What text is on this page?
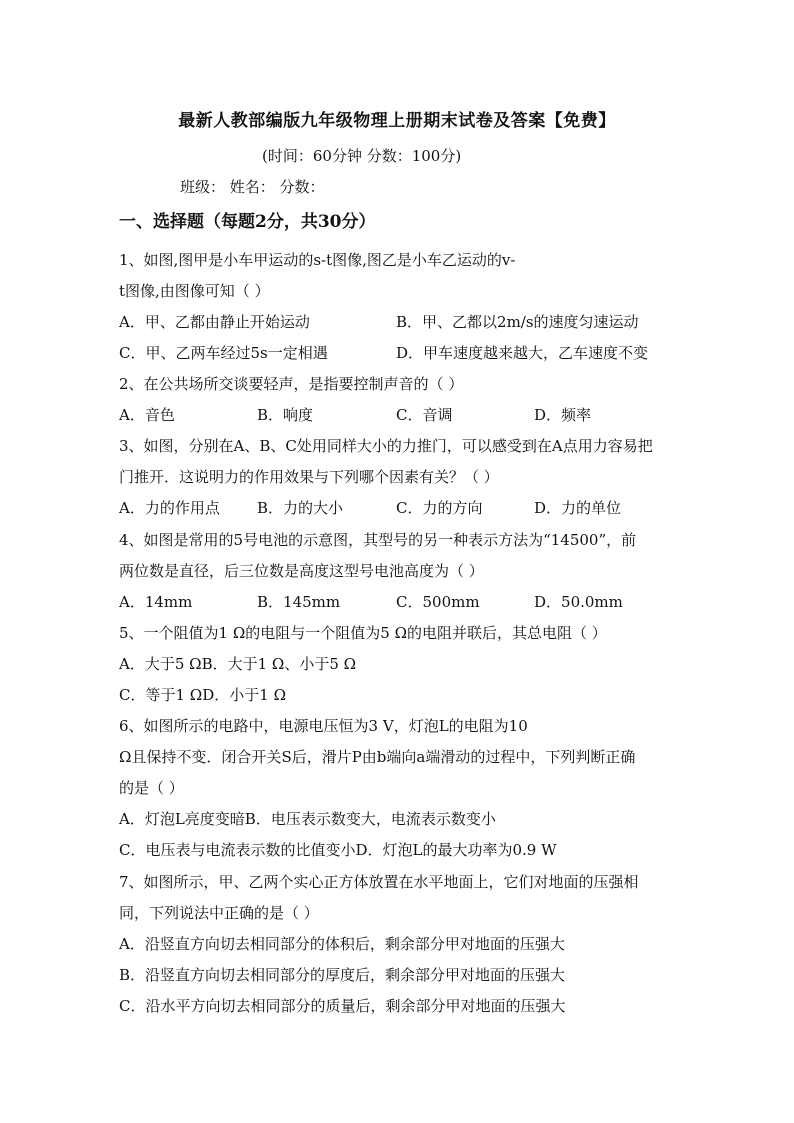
最新人教部编版九年级物理上册期末试卷及答案【免费】
(时间：60分钟 分数：100分)
班级： 姓名： 分数：
一、选择题（每题2分，共30分）
1、如图,图甲是小车甲运动的s-t图像,图乙是小车乙运动的v-
t图像,由图像可知（ ）
A．甲、乙都由静止开始运动	B．甲、乙都以2m/s的速度匀速运动
C．甲、乙两车经过5s一定相遇	D．甲车速度越来越大，乙车速度不变
2、在公共场所交谈要轻声，是指要控制声音的（ ）
A．音色	B．响度	C．音调	D．频率
3、如图，分别在A、B、C处用同样大小的力推门，可以感受到在A点用力容易把
门推开．这说明力的作用效果与下列哪个因素有关？（ ）
A．力的作用点 B．力的大小	C．力的方向	D．力的单位
4、如图是常用的5号电池的示意图，其型号的另一种表示方法为“14500”，前
两位数是直径，后三位数是高度这型号电池高度为（ ）
A．14mm	B．145mm	C．500mm	D．50.0mm
5、一个阻值为1 Ω的电阻与一个阻值为5 Ω的电阻并联后，其总电阻（ ）
A．大于5 ΩB．大于1 Ω、小于5 Ω
C．等于1 ΩD．小于1 Ω
6、如图所示的电路中，电源电压恒为3 V，灯泡L的电阻为10
Ω且保持不变．闭合开关S后，滑片P由b端向a端滑动的过程中，下列判断正确
的是（ ）
A．灯泡L亮度变暗B．电压表示数变大，电流表示数变小
C．电压表与电流表示数的比值变小D．灯泡L的最大功率为0.9 W
7、如图所示，甲、乙两个实心正方体放置在水平地面上，它们对地面的压强相
同，下列说法中正确的是（ ）
A．沿竖直方向切去相同部分的体积后，剩余部分甲对地面的压强大
B．沿竖直方向切去相同部分的厚度后，剩余部分甲对地面的压强大
C．沿水平方向切去相同部分的质量后，剩余部分甲对地面的压强大
